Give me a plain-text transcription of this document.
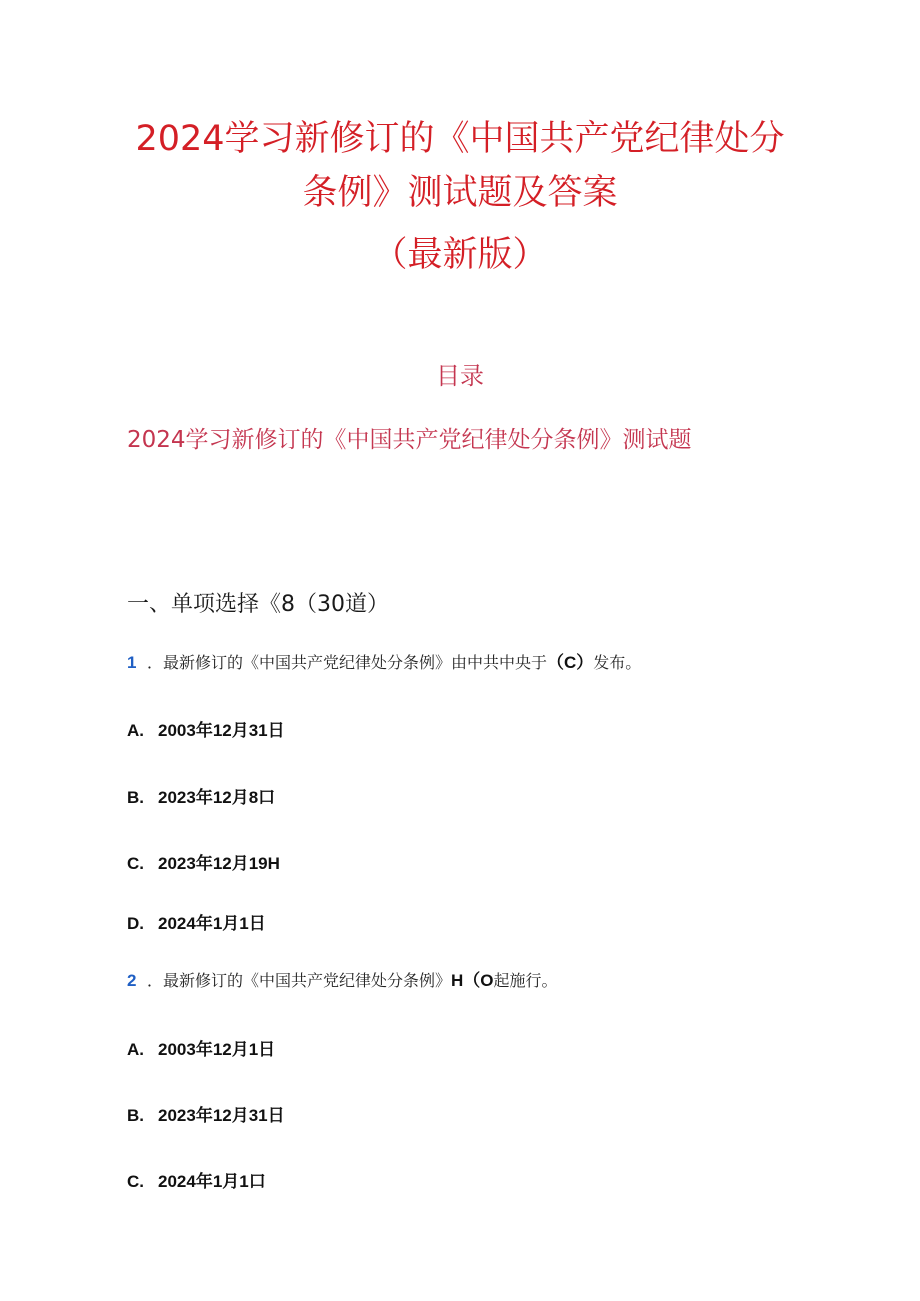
2024学习新修订的《中国共产党纪律处分
条例》测试题及答案
（最新版）
目录
2024学习新修订的《中国共产党纪律处分条例》测试题
一、单项选择《8（30道）
1 ．最新修订的《中国共产党纪律处分条例》由中共中央于（C）发布。
A. 2003年12月31日
B. 2023年12月8口
C. 2023年12月19H
D. 2024年1月1日
2 ．最新修订的《中国共产党纪律处分条例》H（O起施行。
A. 2003年12月1日
B. 2023年12月31日
C. 2024年1月1口
